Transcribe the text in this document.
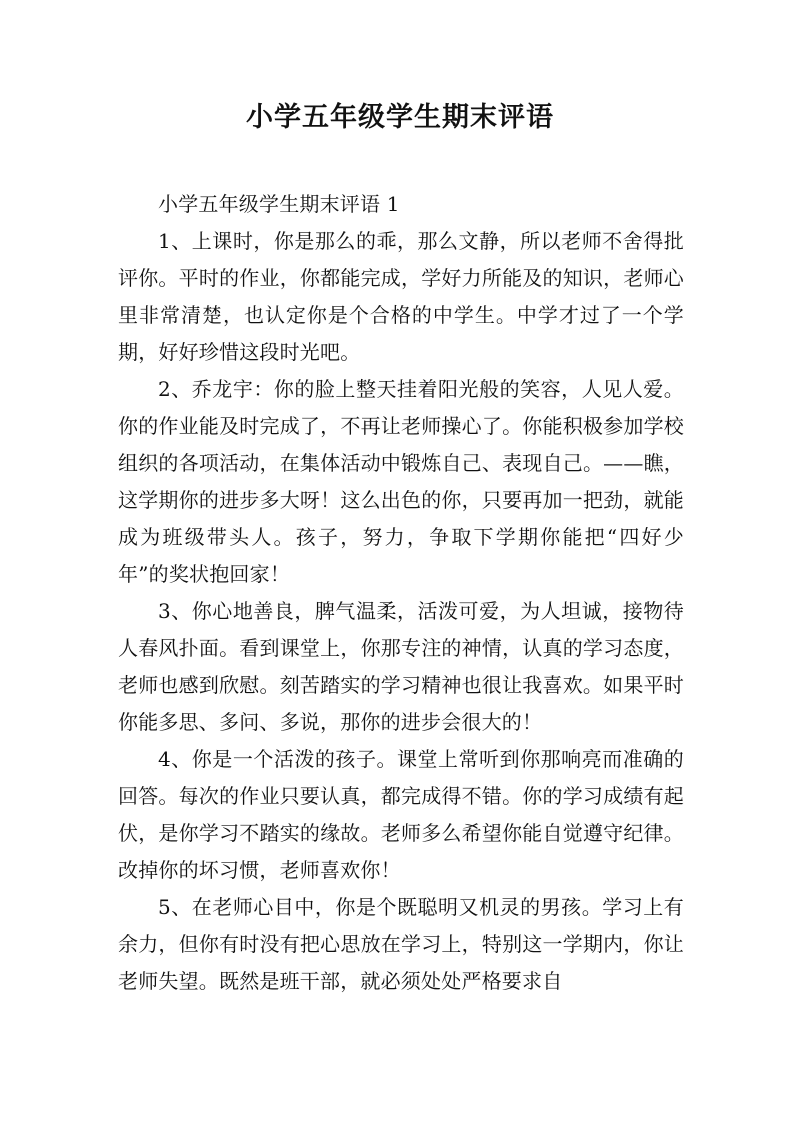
小学五年级学生期末评语

小学五年级学生期末评语 1

1、上课时，你是那么的乖，那么文静，所以老师不舍得批评你。平时的作业，你都能完成，学好力所能及的知识，老师心里非常清楚，也认定你是个合格的中学生。中学才过了一个学期，好好珍惜这段时光吧。

2、乔龙宇：你的脸上整天挂着阳光般的笑容，人见人爱。你的作业能及时完成了，不再让老师操心了。你能积极参加学校组织的各项活动，在集体活动中锻炼自己、表现自己。——瞧，这学期你的进步多大呀！这么出色的你，只要再加一把劲，就能成为班级带头人。孩子，努力，争取下学期你能把“四好少年”的奖状抱回家！

3、你心地善良，脾气温柔，活泼可爱，为人坦诚，接物待人春风扑面。看到课堂上，你那专注的神情，认真的学习态度，老师也感到欣慰。刻苦踏实的学习精神也很让我喜欢。如果平时你能多思、多问、多说，那你的进步会很大的！

4、你是一个活泼的孩子。课堂上常听到你那响亮而准确的回答。每次的作业只要认真，都完成得不错。你的学习成绩有起伏，是你学习不踏实的缘故。老师多么希望你能自觉遵守纪律。改掉你的坏习惯，老师喜欢你！

5、在老师心目中，你是个既聪明又机灵的男孩。学习上有余力，但你有时没有把心思放在学习上，特别这一学期内，你让老师失望。既然是班干部，就必须处处严格要求自
